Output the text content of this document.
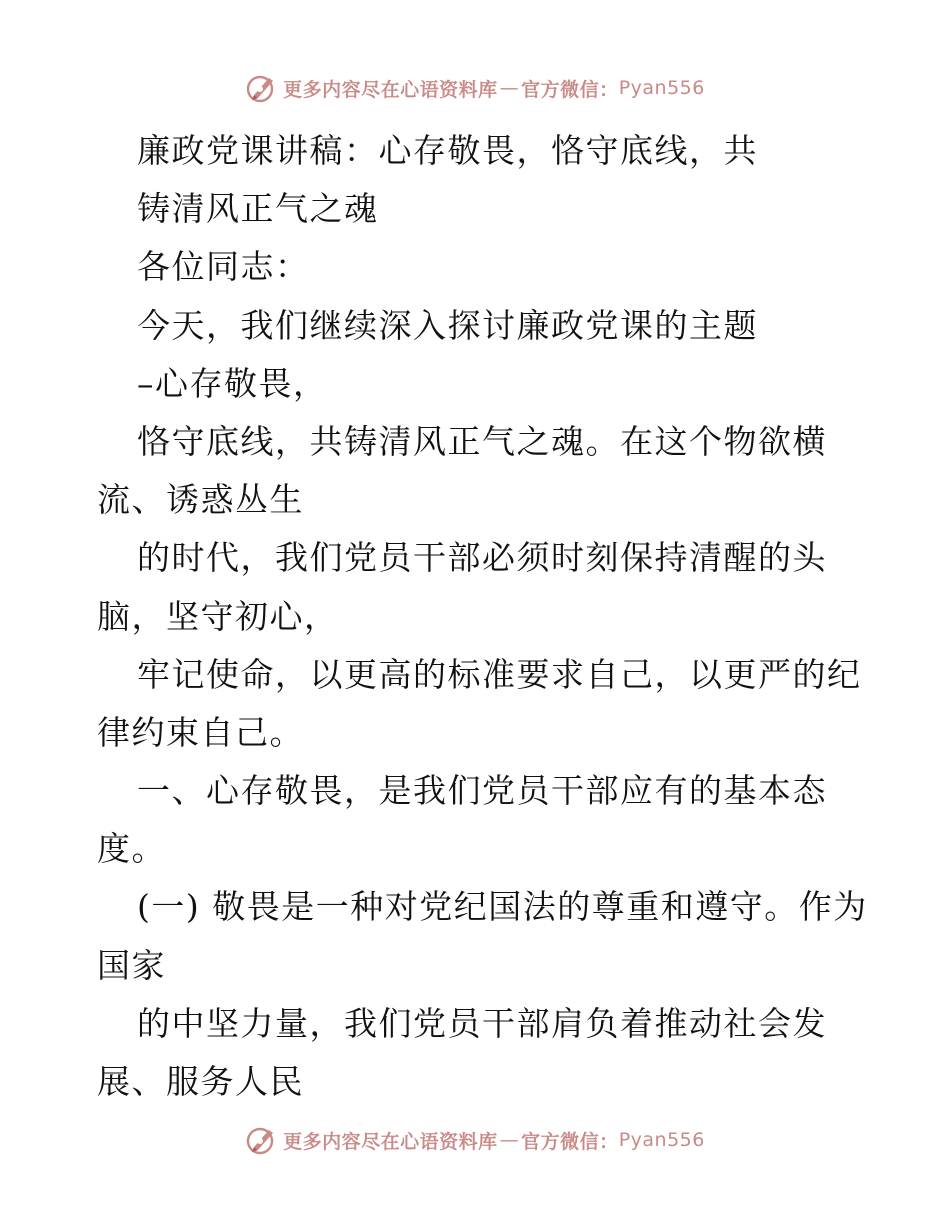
更多内容尽在心语资料库 — 官方微信： Pyan556
廉政党课讲稿：心存敬畏，恪守底线，共
铸清风正气之魂
各位同志：
今天，我们继续深入探讨廉政党课的主题
–心存敬畏，
恪守底线，共铸清风正气之魂。在这个物欲横
流、诱惑丛生
的时代，我们党员干部必须时刻保持清醒的头
脑，坚守初心，
牢记使命，以更高的标准要求自己，以更严的纪
律约束自己。
一、心存敬畏，是我们党员干部应有的基本态
度。
(一) 敬畏是一种对党纪国法的尊重和遵守。作为
国家
的中坚力量，我们党员干部肩负着推动社会发
展、服务人民
更多内容尽在心语资料库 — 官方微信： Pyan556
